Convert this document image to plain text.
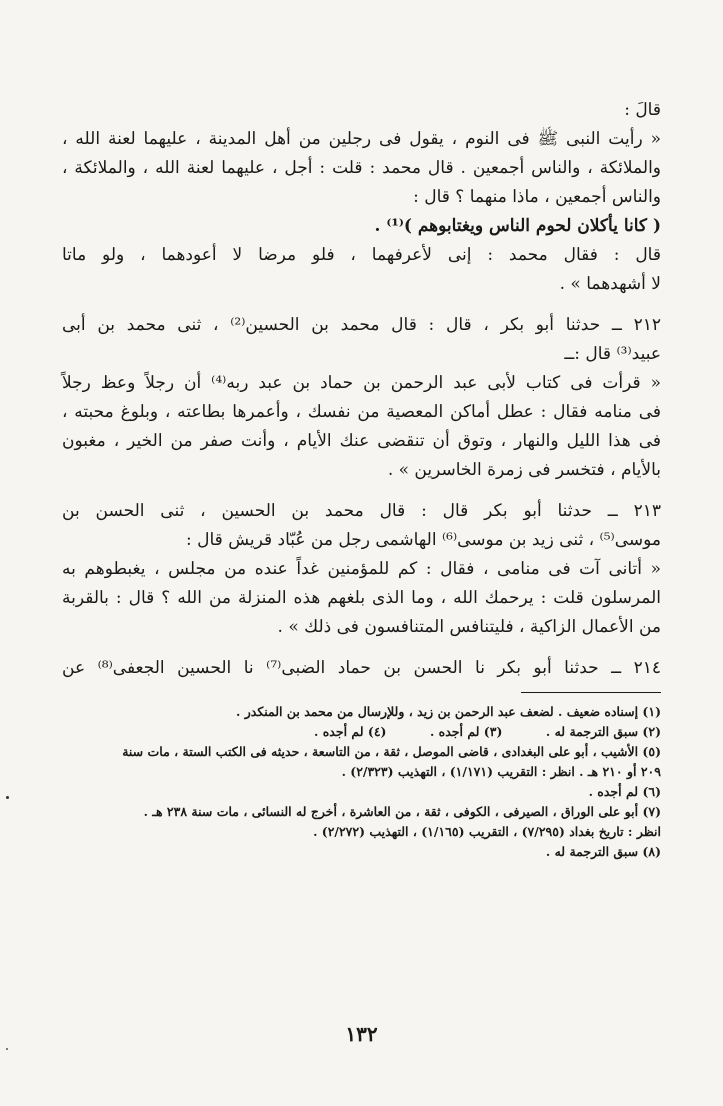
قالَ :

« رأيت النبى ﷺ فى النوم ، يقول فى رجلين من أهل المدينة ، عليهما لعنة الله ،

والملائكة ، والناس أجمعين . قال محمد : قلت : أجل ، عليهما لعنة الله ، والملائكة ،

والناس أجمعين ، ماذا منهما ؟ قال :

( كانا يأكلان لحوم الناس ويغتابوهم )⁽¹⁾ .

قال : فقال محمد : إنى لأعرفهما ، فلو مرضا لا أعودهما ، ولو ماتا

لا أشهدهما » .

٢١٢ ــ حدثنا أبو بكر ، قال : قال محمد بن الحسين⁽²⁾ ، ثنى محمد بن أبى

عبيد⁽³⁾ قال :ــ

« قرأت فى كتاب لأبى عبد الرحمن بن حماد بن عبد ربه⁽⁴⁾ أن رجلاً وعظ رجلاً

فى منامه فقال : عطل أماكن المعصية من نفسك ، وأعمرها بطاعته ، وبلوغ محبته ،

فى هذا الليل والنهار ، وتوق أن تنقضى عنك الأيام ، وأنت صفر من الخير ، مغبون

بالأيام ، فتخسر فى زمرة الخاسرين » .

٢١٣ ــ حدثنا أبو بكر قال : قال محمد بن الحسين ، ثنى الحسن بن

موسى⁽⁵⁾ ، ثنى زيد بن موسى⁽⁶⁾ الهاشمى رجل من عُبّاد قريش قال :

« أتانى آت فى منامى ، فقال : كم للمؤمنين غداً عنده من مجلس ، يغبطوهم به

المرسلون قلت : يرحمك الله ، وما الذى بلغهم هذه المنزلة من الله ؟ قال : بالقربة

من الأعمال الزاكية ، فليتنافس المتنافسون فى ذلك » .

٢١٤ ــ حدثنا أبو بكر نا الحسن بن حماد الضبى⁽⁷⁾ نا الحسين الجعفى⁽⁸⁾ عن

(١) إسناده ضعيف . لضعف عبد الرحمن بن زيد ، وللإرسال من محمد بن المنكدر .

(٢) سبق الترجمة له .          (٣) لم أجده .          (٤) لم أجده .

(٥) الأشيب ، أبو على البغدادى ، قاضى الموصل ، ثقة ، من التاسعة ، حديثه فى الكتب الستة ، مات سنة

٢٠٩ أو ٢١٠ هـ . انظر : التقريب (١/١٧١) ، التهذيب (٢/٣٢٣) .

(٦) لم أجده .

(٧) أبو على الوراق ، الصيرفى ، الكوفى ، ثقة ، من العاشرة ، أخرج له النسائى ، مات سنة ٢٣٨ هـ .

انظر : تاريخ بغداد (٧/٢٩٥) ، التقريب (١/١٦٥) ، التهذيب (٢/٢٧٢) .

(٨) سبق الترجمة له .

١٣٢
